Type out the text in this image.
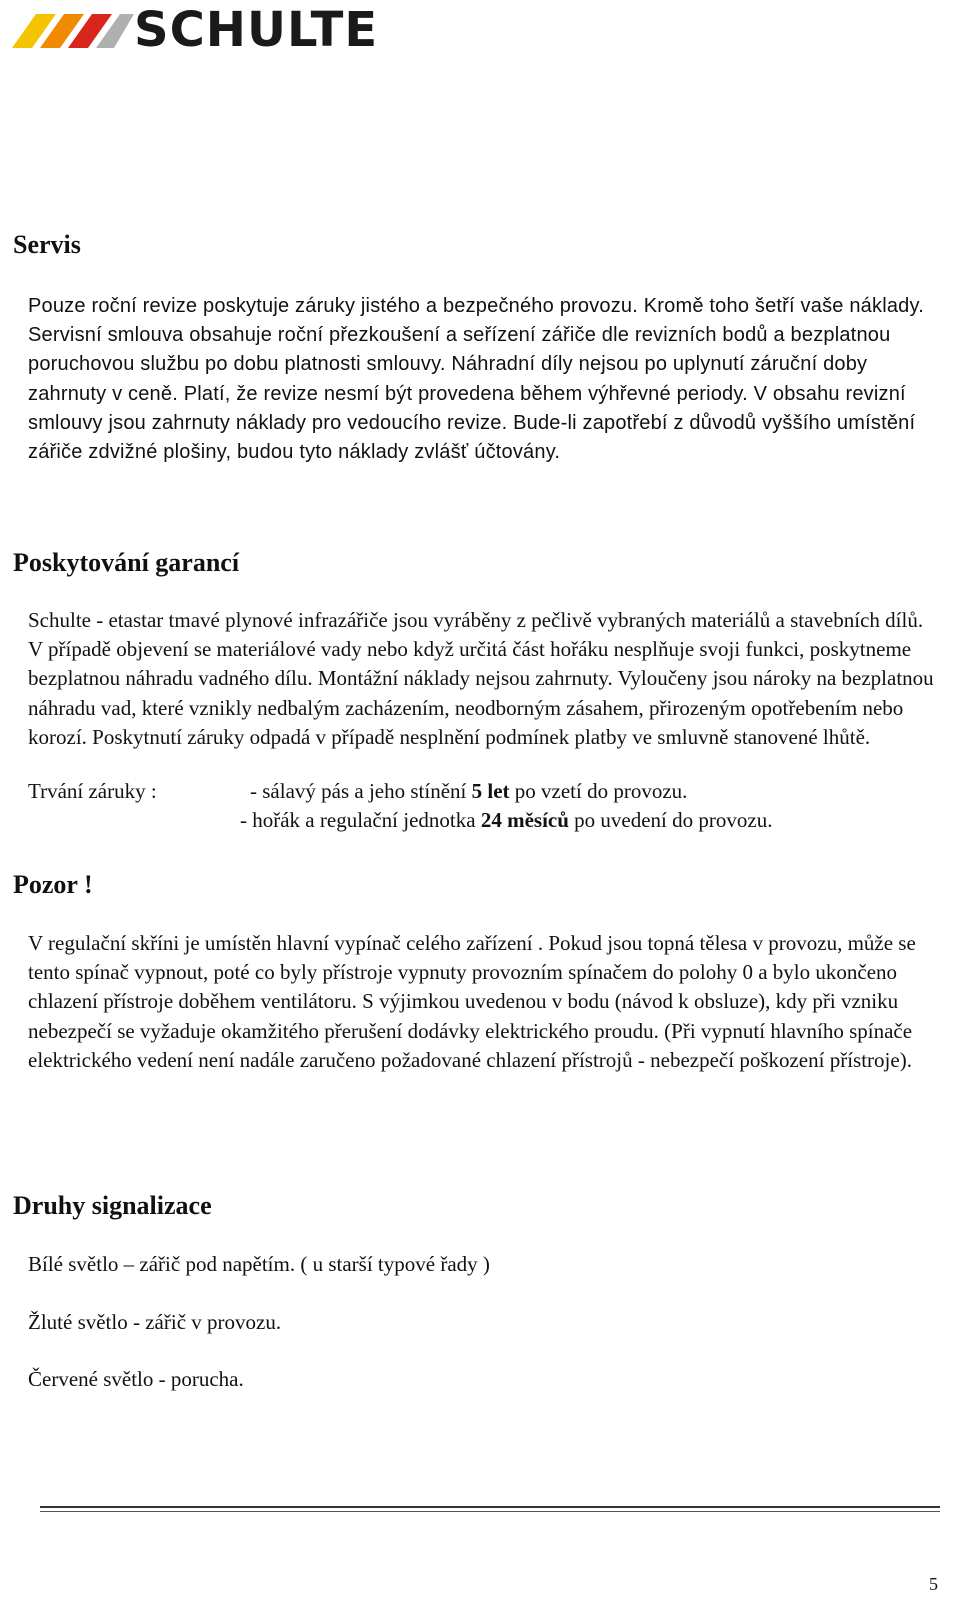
SCHULTE
Servis

Pouze roční revize poskytuje záruky jistého a bezpečného provozu. Kromě toho šetří vaše náklady. Servisní smlouva obsahuje roční přezkoušení a seřízení zářiče dle revizních bodů a bezplatnou poruchovou službu po dobu platnosti smlouvy. Náhradní díly nejsou po uplynutí záruční doby zahrnuty v ceně. Platí, že revize nesmí být provedena během výhřevné periody. V obsahu revizní smlouvy jsou zahrnuty náklady pro vedoucího revize. Bude-li zapotřebí z důvodů vyššího umístění zářiče zdvižné plošiny, budou tyto náklady zvlášť účtovány.

Poskytování garancí

Schulte - etastar tmavé plynové infrazářiče jsou vyráběny z pečlivě vybraných materiálů a stavebních dílů. V případě objevení se materiálové vady nebo když určitá část hořáku nesplňuje svoji funkci, poskytneme bezplatnou náhradu vadného dílu. Montážní náklady nejsou zahrnuty. Vyloučeny jsou nároky na bezplatnou náhradu vad, které vznikly nedbalým zacházením, neodborným zásahem, přirozeným opotřebením nebo korozí. Poskytnutí záruky odpadá v případě nesplnění podmínek platby ve smluvně stanovené lhůtě.

Trvání záruky :	- sálavý pás a jeho stínění 5 let po vzetí do provozu.
- hořák a regulační jednotka 24 měsíců po uvedení do provozu.
Pozor !

V regulační skříni je umístěn hlavní vypínač celého zařízení . Pokud jsou topná tělesa v provozu, může se tento spínač vypnout, poté co byly přístroje vypnuty provozním spínačem do polohy 0 a bylo ukončeno chlazení přístroje doběhem ventilátoru. S výjimkou uvedenou v bodu (návod k obsluze), kdy při vzniku nebezpečí se vyžaduje okamžitého přerušení dodávky elektrického proudu. (Při vypnutí hlavního spínače elektrického vedení není nadále zaručeno požadované chlazení přístrojů - nebezpečí poškození přístroje).

Druhy signalizace
Bílé světlo – zářič pod napětím. ( u starší typové řady )
Žluté světlo - zářič v provozu.
Červené světlo - porucha.
5
